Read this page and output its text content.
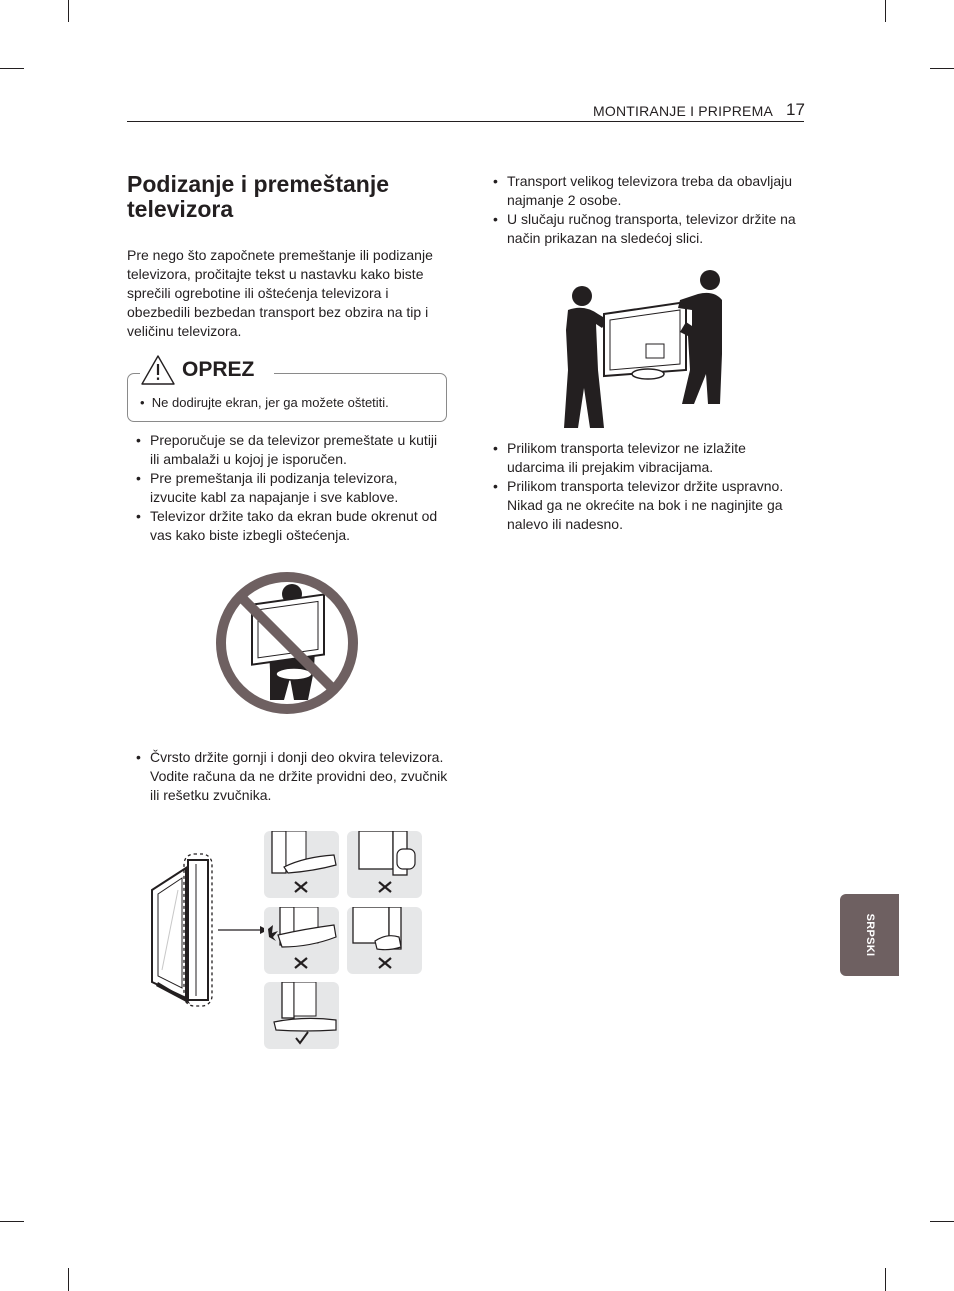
MONTIRANJE I PRIPREMA 17
Podizanje i premeštanje televizora

Pre nego što započnete premeštanje ili podizanje televizora, pročitajte tekst u nastavku kako biste sprečili ogrebotine ili oštećenja televizora i obezbedili bezbedan transport bez obzira na tip i veličinu televizora.

OPREZ
•  Ne dodirujte ekran, jer ga možete oštetiti.
• Preporučuje se da televizor premeštate u kutiji ili ambalaži u kojoj je isporučen.
• Pre premeštanja ili podizanja televizora, izvucite kabl za napajanje i sve kablove.
• Televizor držite tako da ekran bude okrenut od vas kako biste izbegli oštećenja.
• Čvrsto držite gornji i donji deo okvira televizora. Vodite računa da ne držite providni deo, zvučnik ili rešetku zvučnika.
• Transport velikog televizora treba da obavljaju najmanje 2 osobe.
• U slučaju ručnog transporta, televizor držite na način prikazan na sledećoj slici.
• Prilikom transporta televizor ne izlažite udarcima ili prejakim vibracijama.
• Prilikom transporta televizor držite uspravno. Nikad ga ne okrećite na bok i ne naginjite ga nalevo ili nadesno.
SRPSKI
